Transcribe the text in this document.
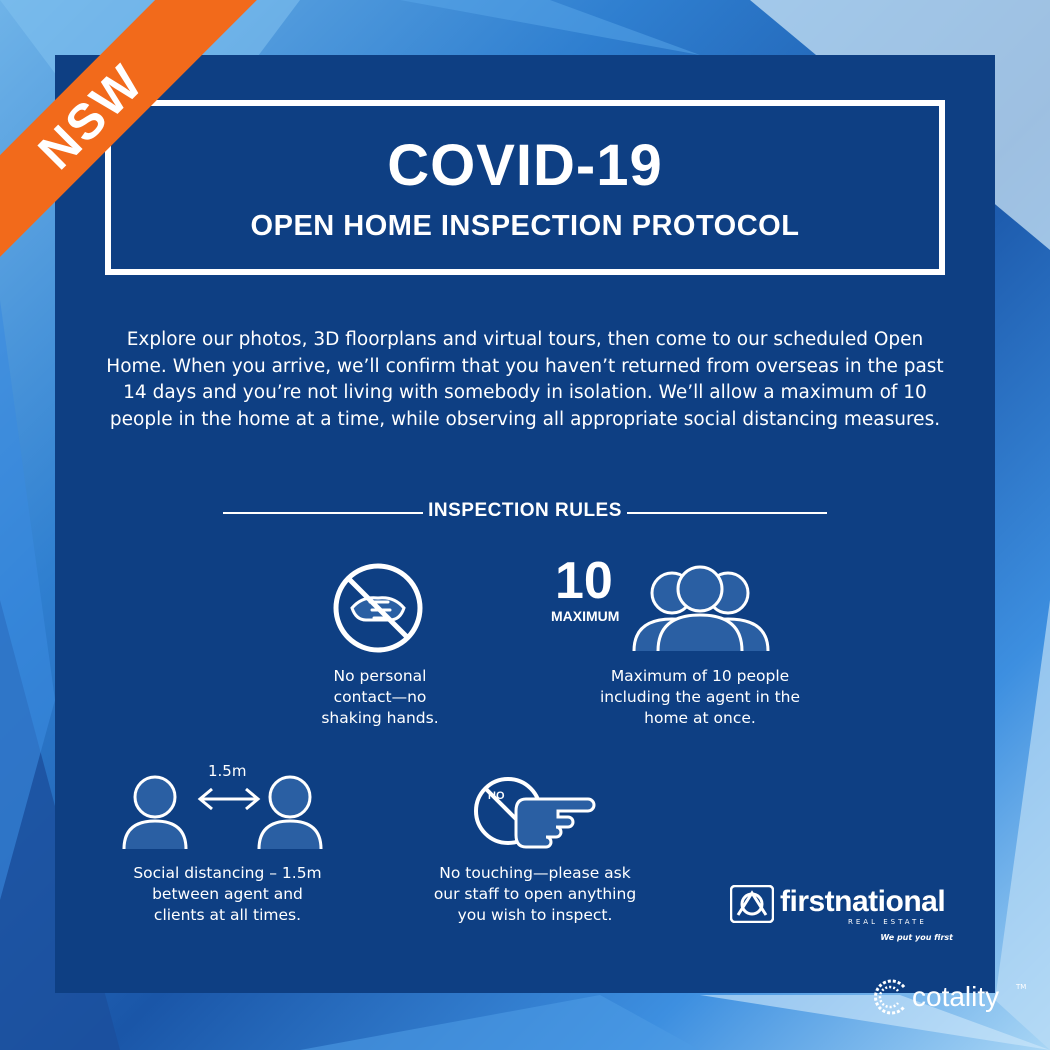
COVID-19
OPEN HOME INSPECTION PROTOCOL
Explore our photos, 3D floorplans and virtual tours, then come to our scheduled Open Home. When you arrive, we’ll confirm that you haven’t returned from overseas in the past 14 days and you’re not living with somebody in isolation. We’ll allow a maximum of 10 people in the home at a time, while observing all appropriate social distancing measures.
INSPECTION RULES
No personal
contact—no
shaking hands.
10
MAXIMUM
Maximum of 10 people
including the agent in the
home at once.
1.5m
Social distancing – 1.5m
between agent and
clients at all times.
NO
No touching—please ask
our staff to open anything
you wish to inspect.	firstnational
REAL ESTATE
We put you first
NSW
cotality TM
